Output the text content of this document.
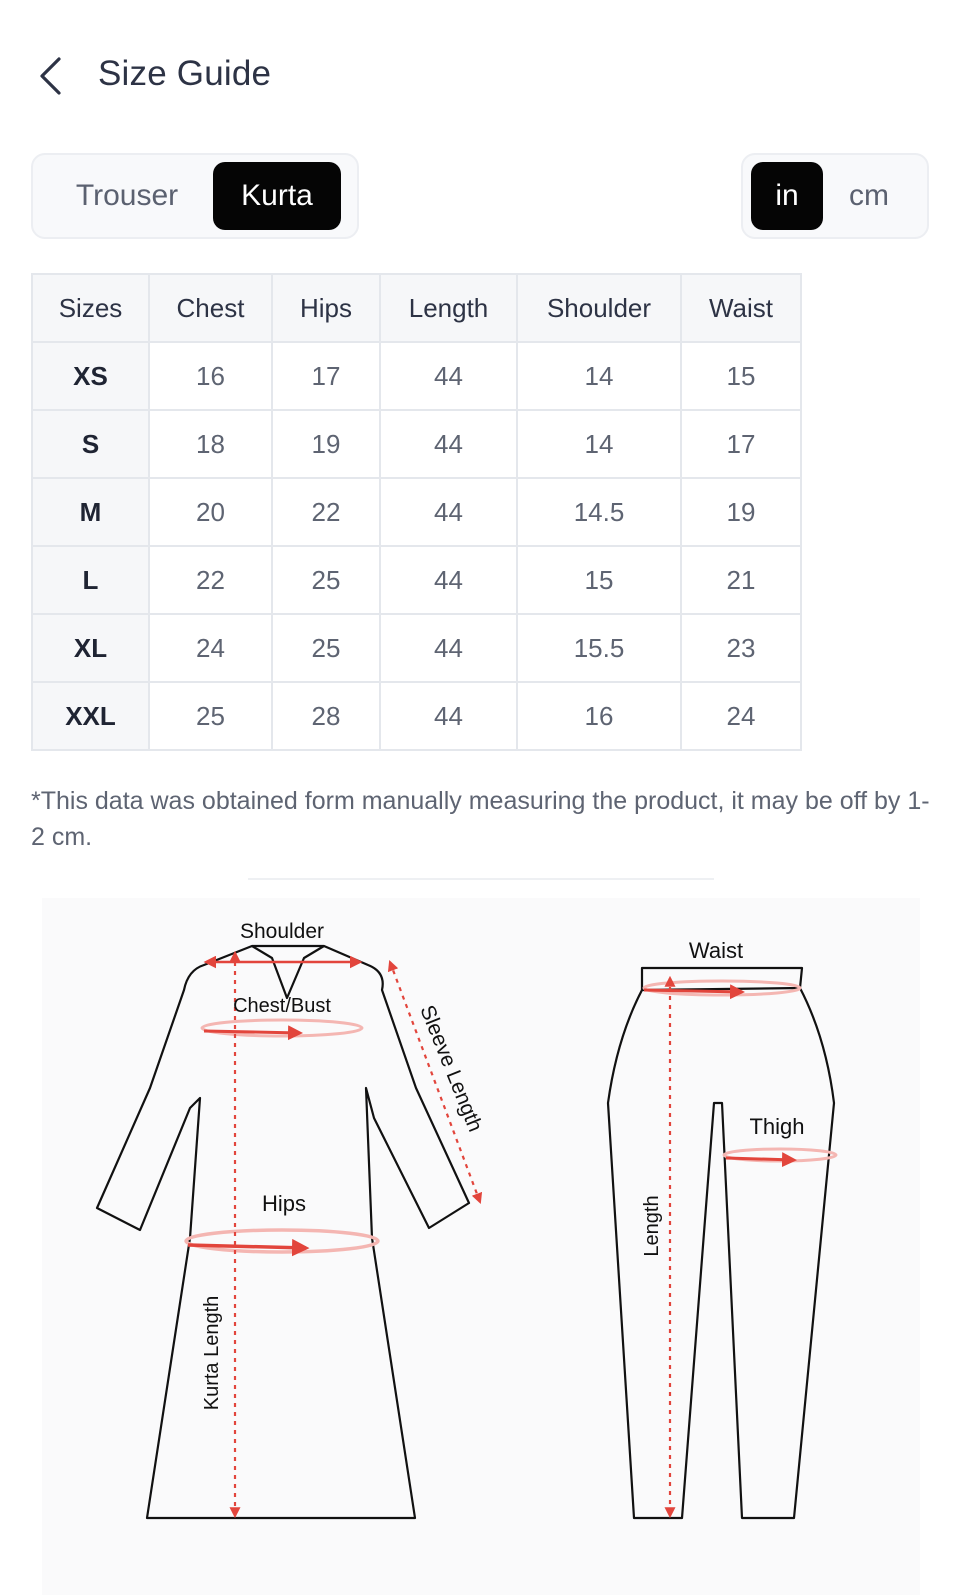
Size Guide
Trouser	Kurta	in	cm
Sizes	Chest	Hips	Length	Shoulder	Waist
XS	16	17	44	14	15
S	18	19	44	14	17
M	20	22	44	14.5	19
L	22	25	44	15	21
XL	24	25	44	15.5	23
XXL	25	28	44	16	24
*This data was obtained form manually measuring the product, it may be off by 1-2 cm.
Shoulder
Chest/Bust
Hips
Kurta Length
Sleeve Length
Waist
Thigh
Length
